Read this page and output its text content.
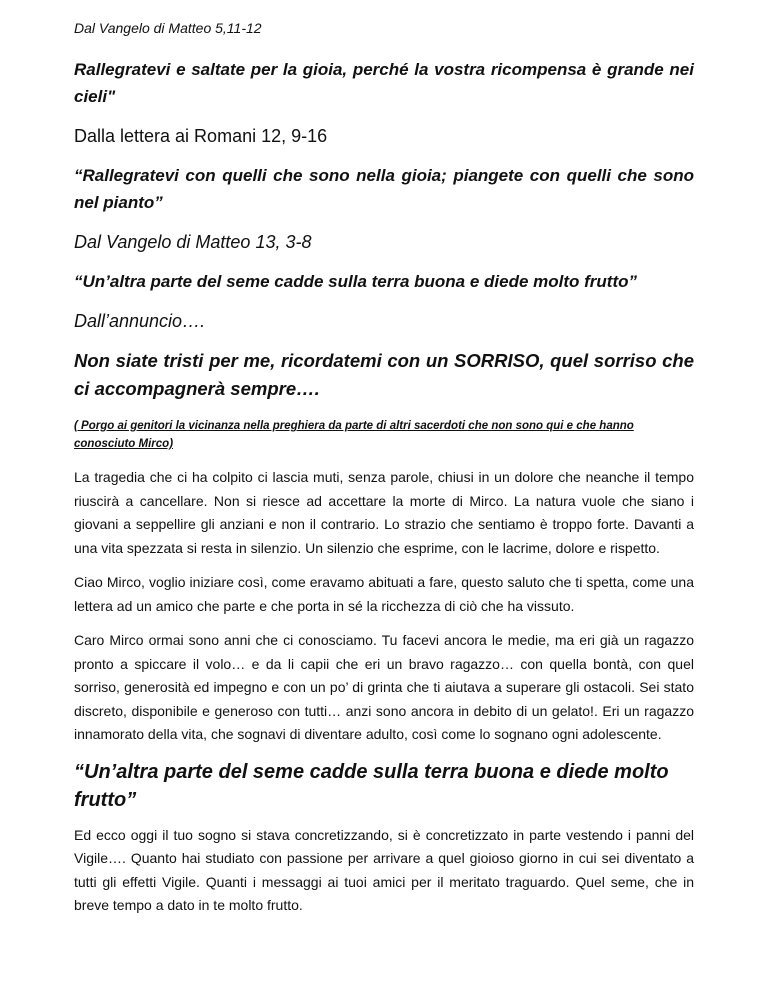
Dal Vangelo di Matteo 5,11-12

Rallegratevi e saltate per la gioia, perché la vostra ricompensa è grande nei cieli"

Dalla lettera ai Romani 12, 9-16

“Rallegratevi con quelli che sono nella gioia; piangete con quelli che sono nel pianto”

Dal Vangelo di Matteo 13, 3-8

“Un’altra parte del seme cadde sulla terra buona e diede molto frutto”

Dall’annuncio….

Non siate tristi per me, ricordatemi con un SORRISO, quel sorriso che ci accompagnerà sempre….

( Porgo ai genitori la vicinanza nella preghiera da parte di altri sacerdoti che non sono qui e che hanno conosciuto Mirco)

La tragedia che ci ha colpito ci lascia muti, senza parole, chiusi in un dolore che neanche il tempo riuscirà a cancellare. Non si riesce ad accettare la morte di Mirco. La natura vuole che siano i giovani a seppellire gli anziani e non il contrario. Lo strazio che sentiamo è troppo forte. Davanti a una vita spezzata si resta in silenzio. Un silenzio che esprime, con le lacrime, dolore e rispetto.

Ciao Mirco, voglio iniziare così, come eravamo abituati a fare, questo saluto che ti spetta, come una lettera ad un amico che parte e che porta in sé la ricchezza di ciò che ha vissuto.

Caro Mirco ormai sono anni che ci conosciamo. Tu facevi ancora le medie, ma eri già un ragazzo pronto a spiccare il volo… e da li capii che eri un bravo ragazzo… con quella bontà, con quel sorriso, generosità ed impegno e con un po’ di grinta che ti aiutava a superare gli ostacoli. Sei stato discreto, disponibile e generoso con tutti… anzi sono ancora in debito di un gelato!. Eri un ragazzo innamorato della vita, che sognavi di diventare adulto, così come lo sognano ogni adolescente.

“Un’altra parte del seme cadde sulla terra buona e diede molto frutto”

Ed ecco oggi il tuo sogno si stava concretizzando, si è concretizzato in parte vestendo i panni del Vigile…. Quanto hai studiato con passione per arrivare a quel gioioso giorno in cui sei diventato a tutti gli effetti Vigile. Quanti i messaggi ai tuoi amici per il meritato traguardo. Quel seme, che in breve tempo a dato in te molto frutto.
